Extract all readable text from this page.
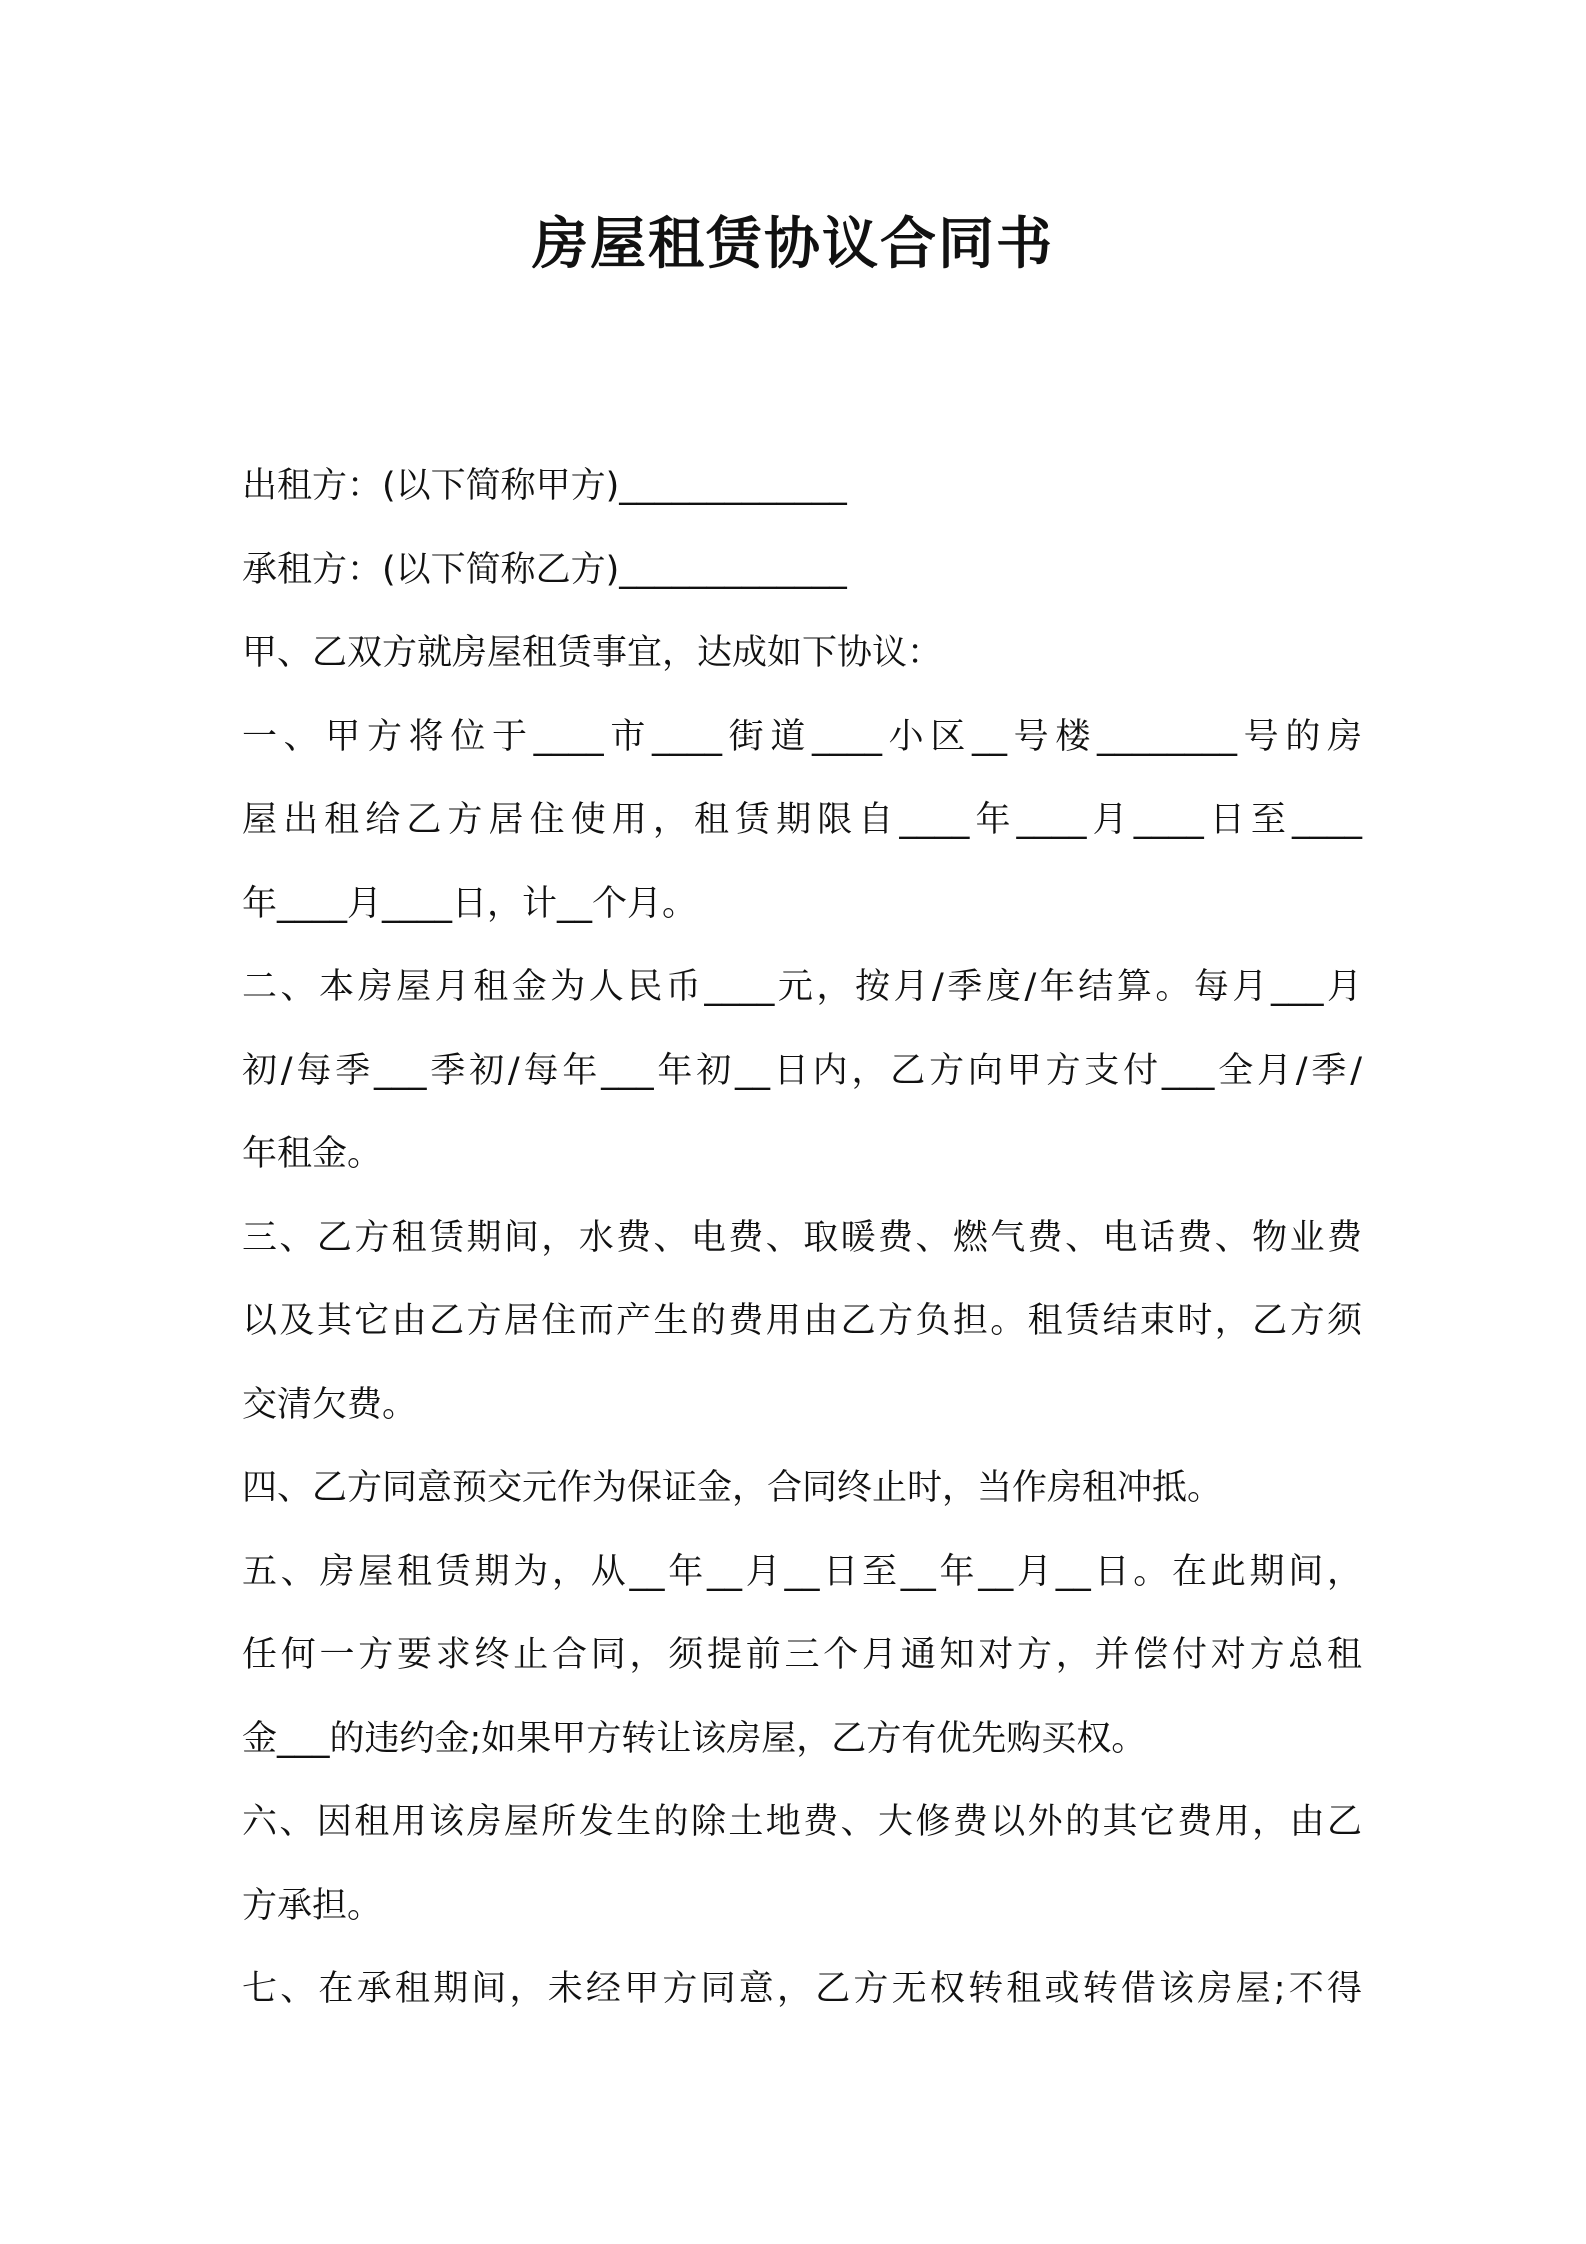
房屋租赁协议合同书
出租方：(以下简称甲方)_____________
承租方：(以下简称乙方)_____________
甲、乙双方就房屋租赁事宜，达成如下协议：
一、甲方将位于____市____街道____小区__号楼________号的房
屋出租给乙方居住使用，租赁期限自____年____月____日至____
年____月____日，计__个月。
二、本房屋月租金为人民币____元，按月/季度/年结算。每月___月
初/每季___季初/每年___年初__日内，乙方向甲方支付___全月/季/
年租金。
三、乙方租赁期间，水费、电费、取暖费、燃气费、电话费、物业费
以及其它由乙方居住而产生的费用由乙方负担。租赁结束时，乙方须
交清欠费。
四、乙方同意预交元作为保证金，合同终止时，当作房租冲抵。
五、房屋租赁期为，从__年__月__日至__年__月__日。在此期间，
任何一方要求终止合同，须提前三个月通知对方，并偿付对方总租
金___的违约金;如果甲方转让该房屋，乙方有优先购买权。
六、因租用该房屋所发生的除土地费、大修费以外的其它费用，由乙
方承担。
七、在承租期间，未经甲方同意，乙方无权转租或转借该房屋;不得
